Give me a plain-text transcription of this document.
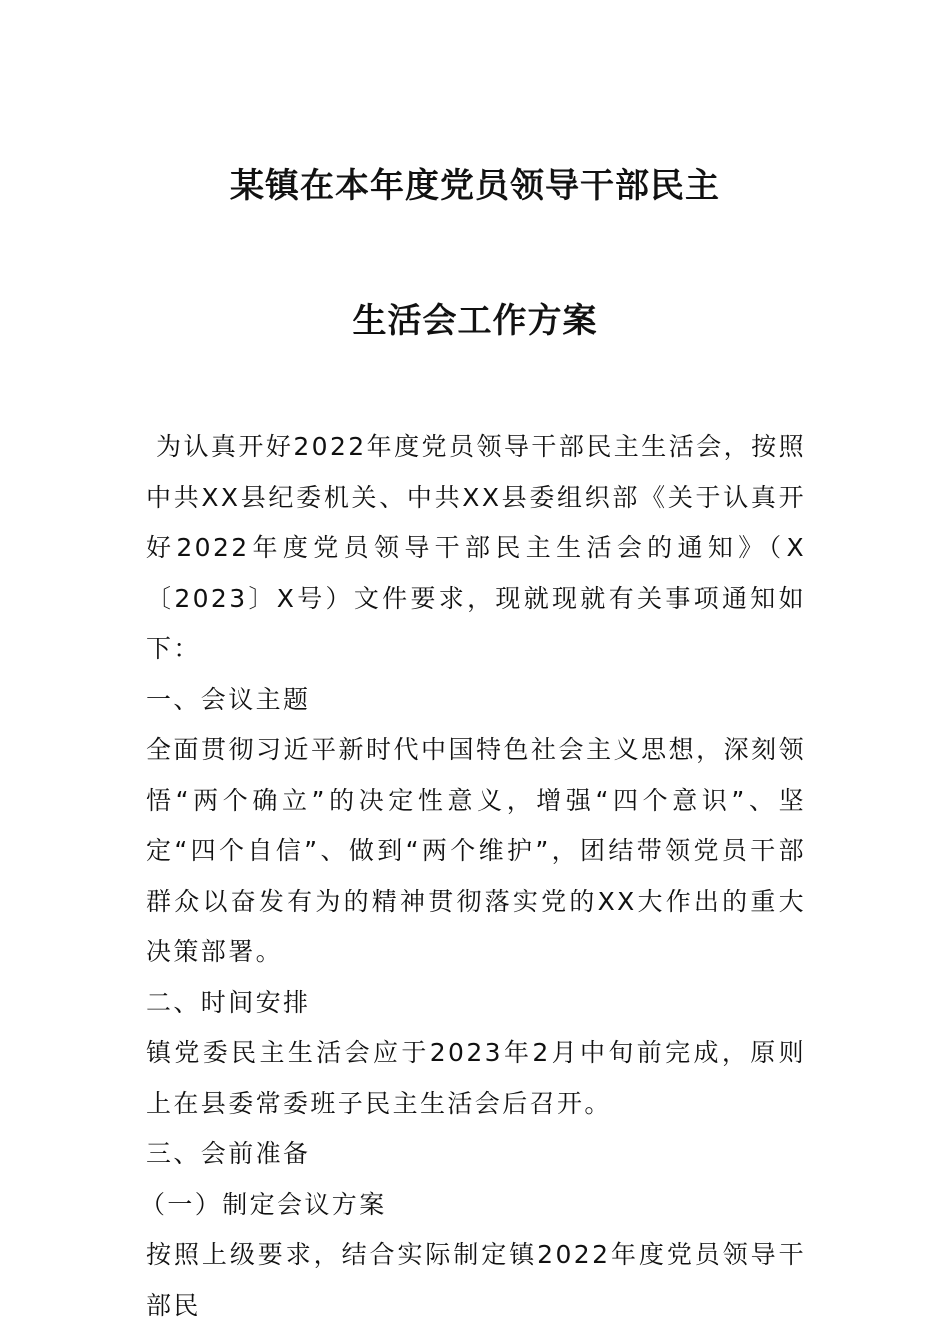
某镇在本年度党员领导干部民主
生活会工作方案

为认真开好2022年度党员领导干部民主生活会，按照中共XX县纪委机关、中共XX县委组织部《关于认真开好2022年度党员领导干部民主生活会的通知》（X〔2023〕X号）文件要求，现就现就有关事项通知如下：

一、会议主题

全面贯彻习近平新时代中国特色社会主义思想，深刻领悟“两个确立”的决定性意义，增强“四个意识”、坚定“四个自信”、做到“两个维护”，团结带领党员干部群众以奋发有为的精神贯彻落实党的XX大作出的重大决策部署。

二、时间安排

镇党委民主生活会应于2023年2月中旬前完成，原则上在县委常委班子民主生活会后召开。

三、会前准备

（一）制定会议方案

按照上级要求，结合实际制定镇2022年度党员领导干部民
